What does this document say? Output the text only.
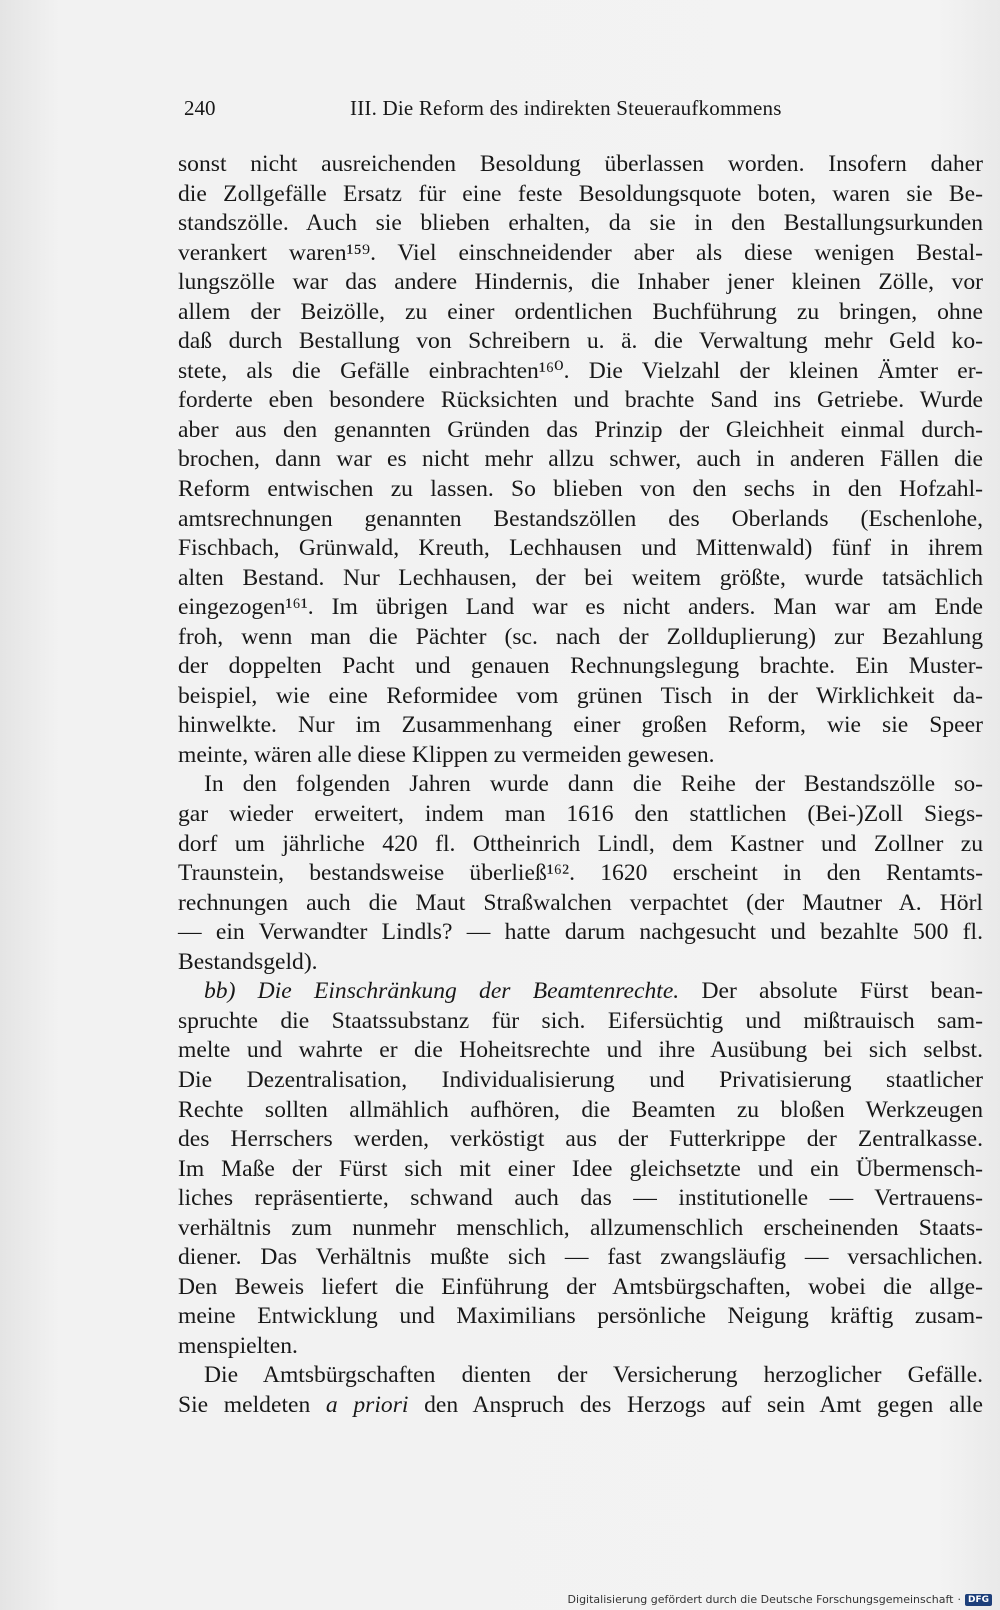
240	III. Die Reform des indirekten Steueraufkommens
sonst nicht ausreichenden Besoldung überlassen worden. Insofern daher
die Zollgefälle Ersatz für eine feste Besoldungsquote boten, waren sie Be-
standszölle. Auch sie blieben erhalten, da sie in den Bestallungsurkunden
verankert waren¹⁵⁹. Viel einschneidender aber als diese wenigen Bestal-
lungszölle war das andere Hindernis, die Inhaber jener kleinen Zölle, vor
allem der Beizölle, zu einer ordentlichen Buchführung zu bringen, ohne
daß durch Bestallung von Schreibern u. ä. die Verwaltung mehr Geld ko-
stete, als die Gefälle einbrachten¹⁶⁰. Die Vielzahl der kleinen Ämter er-
forderte eben besondere Rücksichten und brachte Sand ins Getriebe. Wurde
aber aus den genannten Gründen das Prinzip der Gleichheit einmal durch-
brochen, dann war es nicht mehr allzu schwer, auch in anderen Fällen die
Reform entwischen zu lassen. So blieben von den sechs in den Hofzahl-
amtsrechnungen genannten Bestandszöllen des Oberlands (Eschenlohe,
Fischbach, Grünwald, Kreuth, Lechhausen und Mittenwald) fünf in ihrem
alten Bestand. Nur Lechhausen, der bei weitem größte, wurde tatsächlich
eingezogen¹⁶¹. Im übrigen Land war es nicht anders. Man war am Ende
froh, wenn man die Pächter (sc. nach der Zollduplierung) zur Bezahlung
der doppelten Pacht und genauen Rechnungslegung brachte. Ein Muster-
beispiel, wie eine Reformidee vom grünen Tisch in der Wirklichkeit da-
hinwelkte. Nur im Zusammenhang einer großen Reform, wie sie Speer
meinte, wären alle diese Klippen zu vermeiden gewesen.
In den folgenden Jahren wurde dann die Reihe der Bestandszölle so-
gar wieder erweitert, indem man 1616 den stattlichen (Bei-)Zoll Siegs-
dorf um jährliche 420 fl. Ottheinrich Lindl, dem Kastner und Zollner zu
Traunstein, bestandsweise überließ¹⁶². 1620 erscheint in den Rentamts-
rechnungen auch die Maut Straßwalchen verpachtet (der Mautner A. Hörl
— ein Verwandter Lindls? — hatte darum nachgesucht und bezahlte 500 fl.
Bestandsgeld).
bb) Die Einschränkung der Beamtenrechte. Der absolute Fürst bean-
spruchte die Staatssubstanz für sich. Eifersüchtig und mißtrauisch sam-
melte und wahrte er die Hoheitsrechte und ihre Ausübung bei sich selbst.
Die Dezentralisation, Individualisierung und Privatisierung staatlicher
Rechte sollten allmählich aufhören, die Beamten zu bloßen Werkzeugen
des Herrschers werden, verköstigt aus der Futterkrippe der Zentralkasse.
Im Maße der Fürst sich mit einer Idee gleichsetzte und ein Übermensch-
liches repräsentierte, schwand auch das — institutionelle — Vertrauens-
verhältnis zum nunmehr menschlich, allzumenschlich erscheinenden Staats-
diener. Das Verhältnis mußte sich — fast zwangsläufig — versachlichen.
Den Beweis liefert die Einführung der Amtsbürgschaften, wobei die allge-
meine Entwicklung und Maximilians persönliche Neigung kräftig zusam-
menspielten.
Die Amtsbürgschaften dienten der Versicherung herzoglicher Gefälle.
Sie meldeten a priori den Anspruch des Herzogs auf sein Amt gegen alle
Digitalisierung gefördert durch die Deutsche Forschungsgemeinschaft · DFG
